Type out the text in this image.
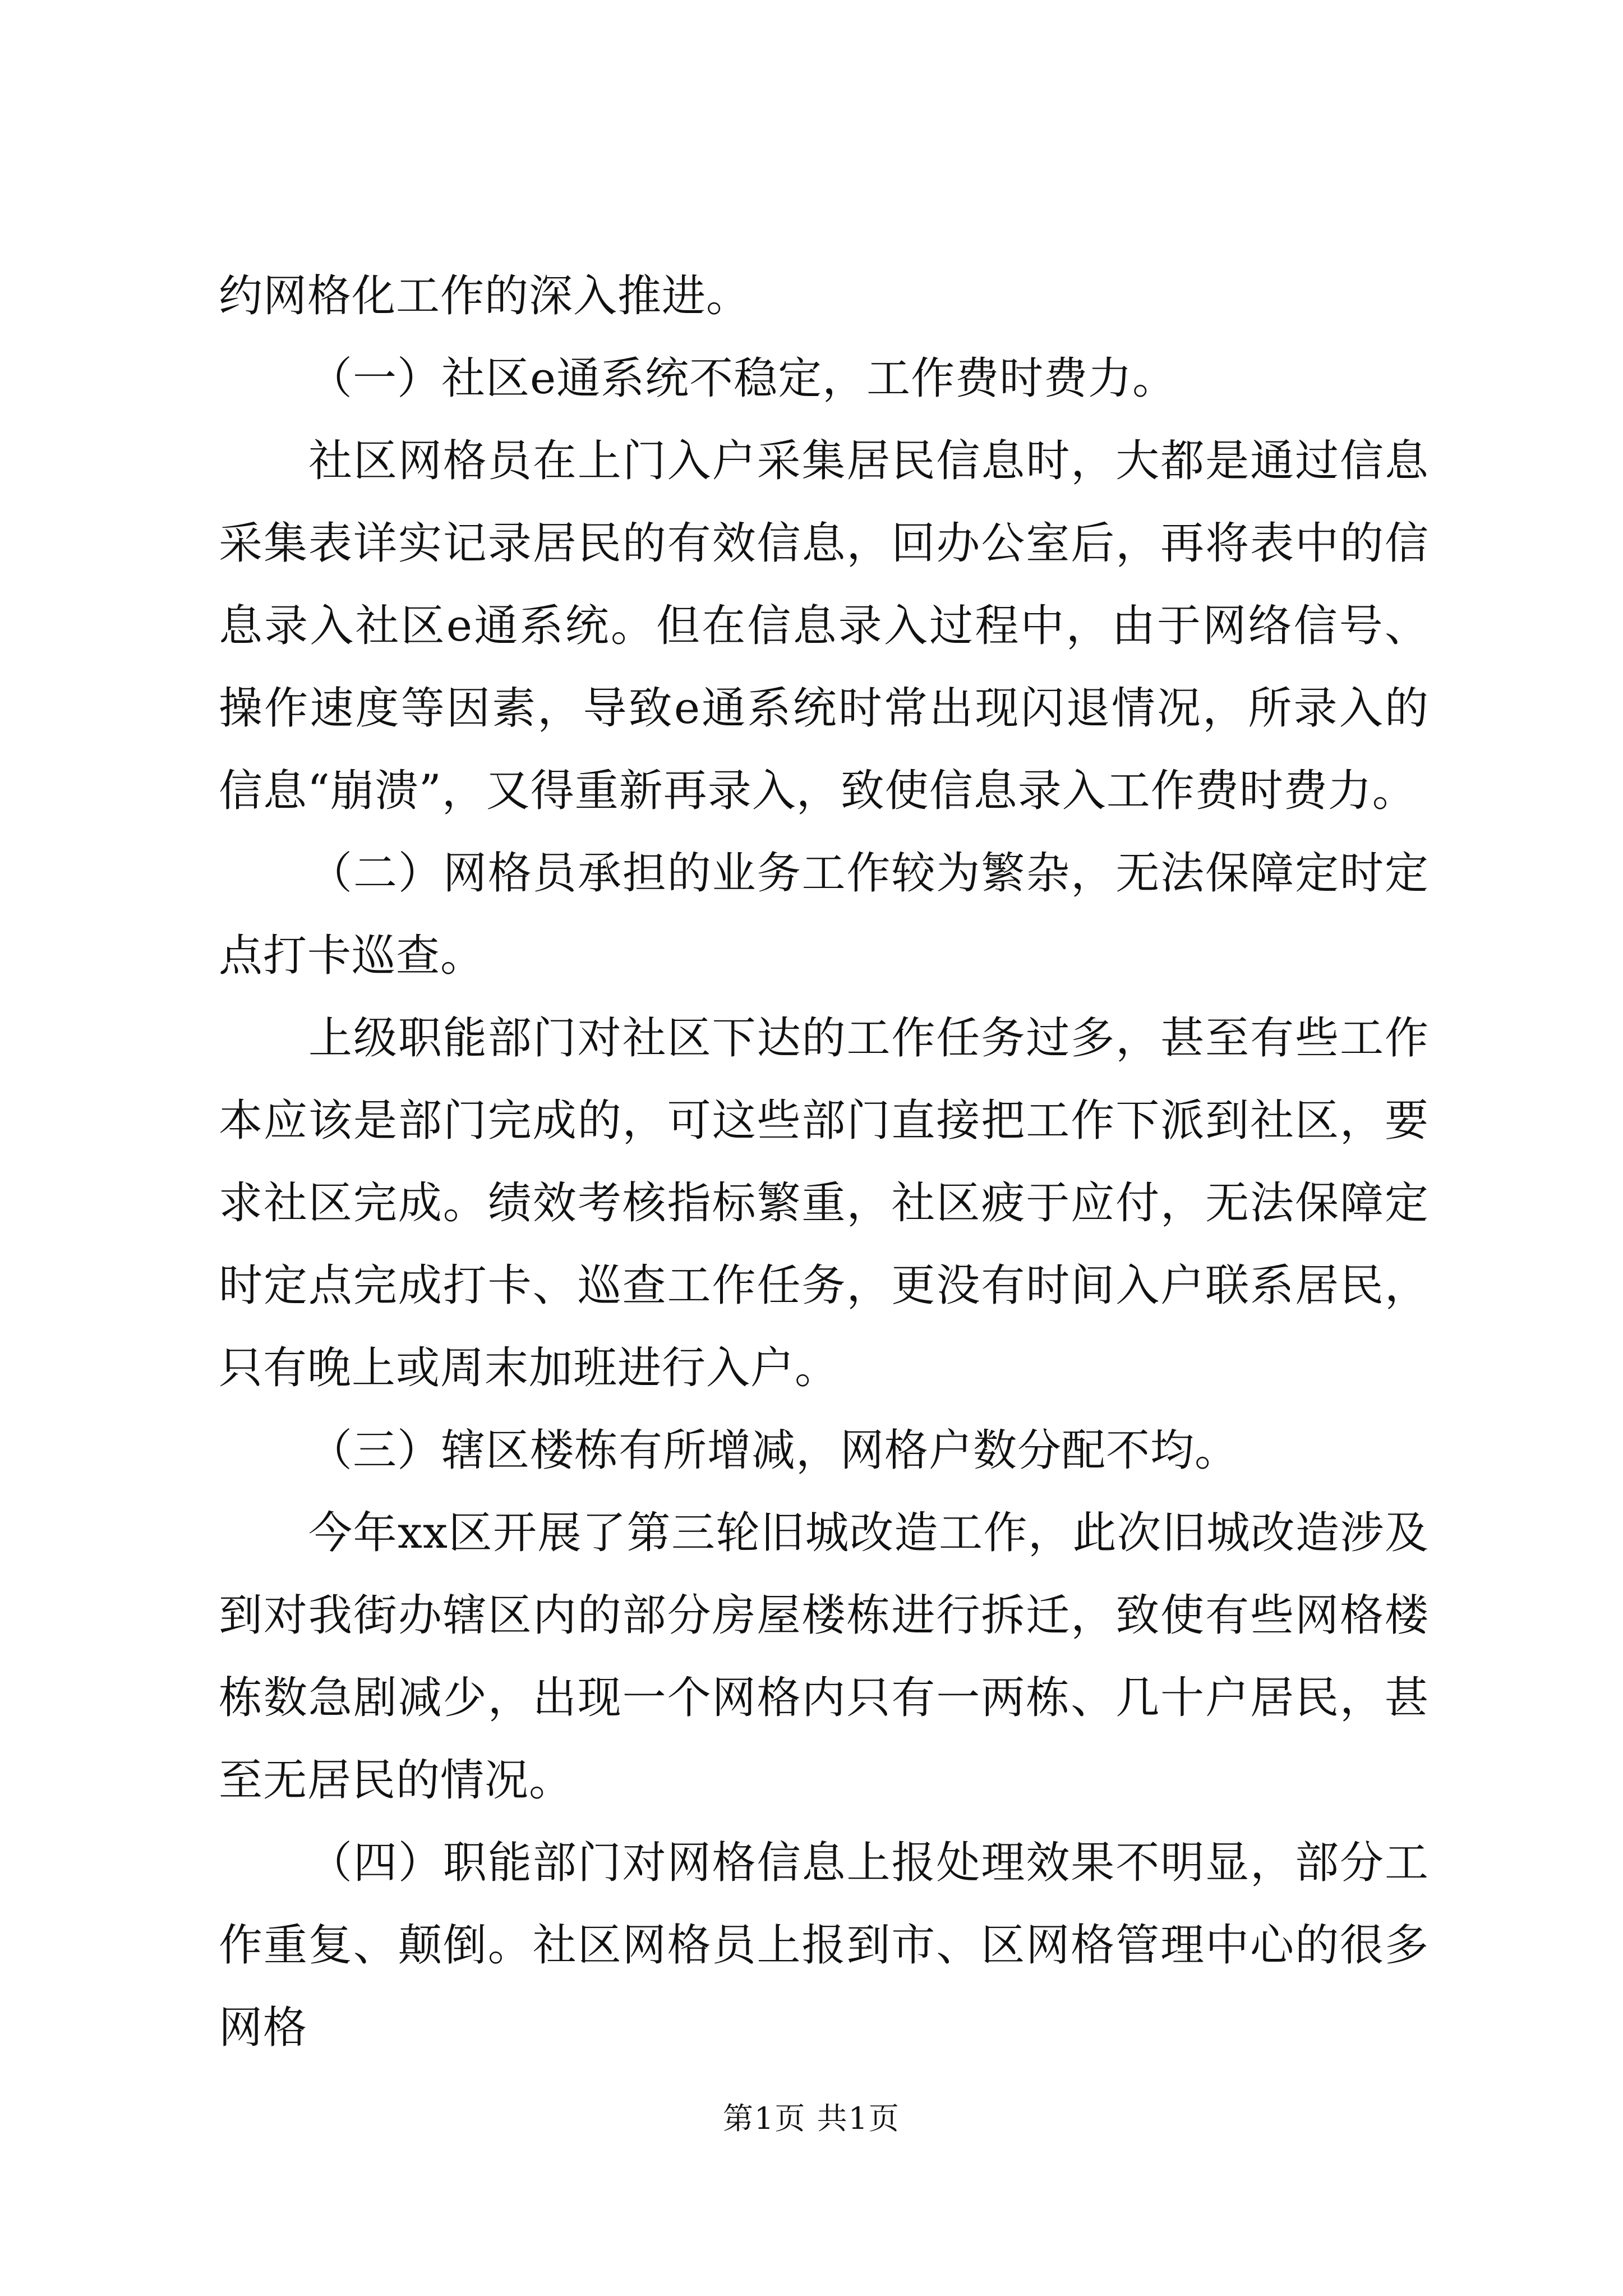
约网格化工作的深入推进。

（一）社区e通系统不稳定，工作费时费力。

社区网格员在上门入户采集居民信息时，大都是通过信息采集表详实记录居民的有效信息，回办公室后，再将表中的信息录入社区e通系统。但在信息录入过程中，由于网络信号、操作速度等因素，导致e通系统时常出现闪退情况，所录入的信息“崩溃”，又得重新再录入，致使信息录入工作费时费力。

（二）网格员承担的业务工作较为繁杂，无法保障定时定点打卡巡查。

上级职能部门对社区下达的工作任务过多，甚至有些工作本应该是部门完成的，可这些部门直接把工作下派到社区，要求社区完成。绩效考核指标繁重，社区疲于应付，无法保障定时定点完成打卡、巡查工作任务，更没有时间入户联系居民，只有晚上或周末加班进行入户。

（三）辖区楼栋有所增减，网格户数分配不均。

今年xx区开展了第三轮旧城改造工作，此次旧城改造涉及到对我街办辖区内的部分房屋楼栋进行拆迁，致使有些网格楼栋数急剧减少，出现一个网格内只有一两栋、几十户居民，甚至无居民的情况。

（四）职能部门对网格信息上报处理效果不明显，部分工作重复、颠倒。社区网格员上报到市、区网格管理中心的很多网格

第1页 共1页
